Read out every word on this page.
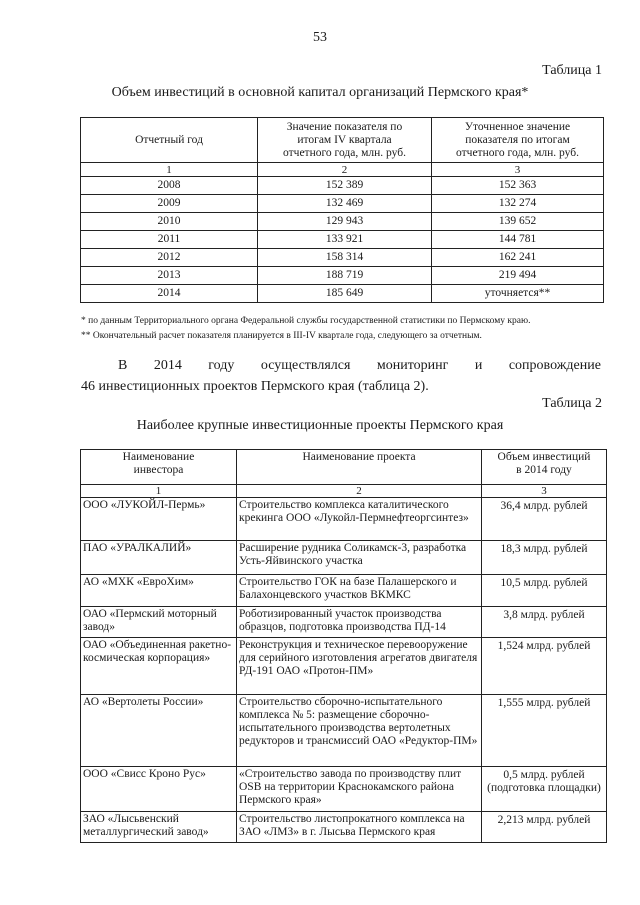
53
Таблица 1
Объем инвестиций в основной капитал организаций Пермского края*
Отчетный год	Значение показателя по итогам IV квартала отчетного года, млн. руб.	Уточненное значение показателя по итогам отчетного года, млн. руб.
1	2	3
2008	152 389	152 363
2009	132 469	132 274
2010	129 943	139 652
2011	133 921	144 781
2012	158 314	162 241
2013	188 719	219 494
2014	185 649	уточняется**
* по данным Территориального органа Федеральной службы государственной статистики по Пермскому краю.
** Окончательный расчет показателя планируется в III-IV квартале года, следующего за отчетным.
В 2014 году осуществлялся мониторинг и сопровождение
46 инвестиционных проектов Пермского края (таблица 2).
Таблица 2
Наиболее крупные инвестиционные проекты Пермского края
Наименование инвестора	Наименование проекта	Объем инвестиций в 2014 году
1	2	3
ООО «ЛУКОЙЛ-Пермь»	Строительство комплекса каталитического крекинга ООО «Лукойл-Пермнефтеоргсинтез»	36,4 млрд. рублей
ПАО «УРАЛКАЛИЙ»	Расширение рудника Соликамск-3, разработка Усть-Яйвинского участка	18,3 млрд. рублей
АО «МХК «ЕвроХим»	Строительство ГОК на базе Палашерского и Балахонцевского участков ВКМКС	10,5 млрд. рублей
ОАО «Пермский моторный завод»	Роботизированный участок производства образцов, подготовка производства ПД-14	3,8 млрд. рублей
ОАО «Объединенная ракетно-космическая корпорация»	Реконструкция и техническое перевооружение для серийного изготовления агрегатов двигателя РД-191 ОАО «Протон-ПМ»	1,524 млрд. рублей
АО «Вертолеты России»	Строительство сборочно-испытательного комплекса № 5: размещение сборочно-испытательного производства вертолетных редукторов и трансмиссий ОАО «Редуктор-ПМ»	1,555 млрд. рублей
ООО «Свисс Кроно Рус»	«Строительство завода по производству плит OSB на территории Краснокамского района Пермского края»	0,5 млрд. рублей (подготовка площадки)
ЗАО «Лысьвенский металлургический завод»	Строительство листопрокатного комплекса на ЗАО «ЛМЗ» в г. Лысьва Пермского края	2,213 млрд. рублей
